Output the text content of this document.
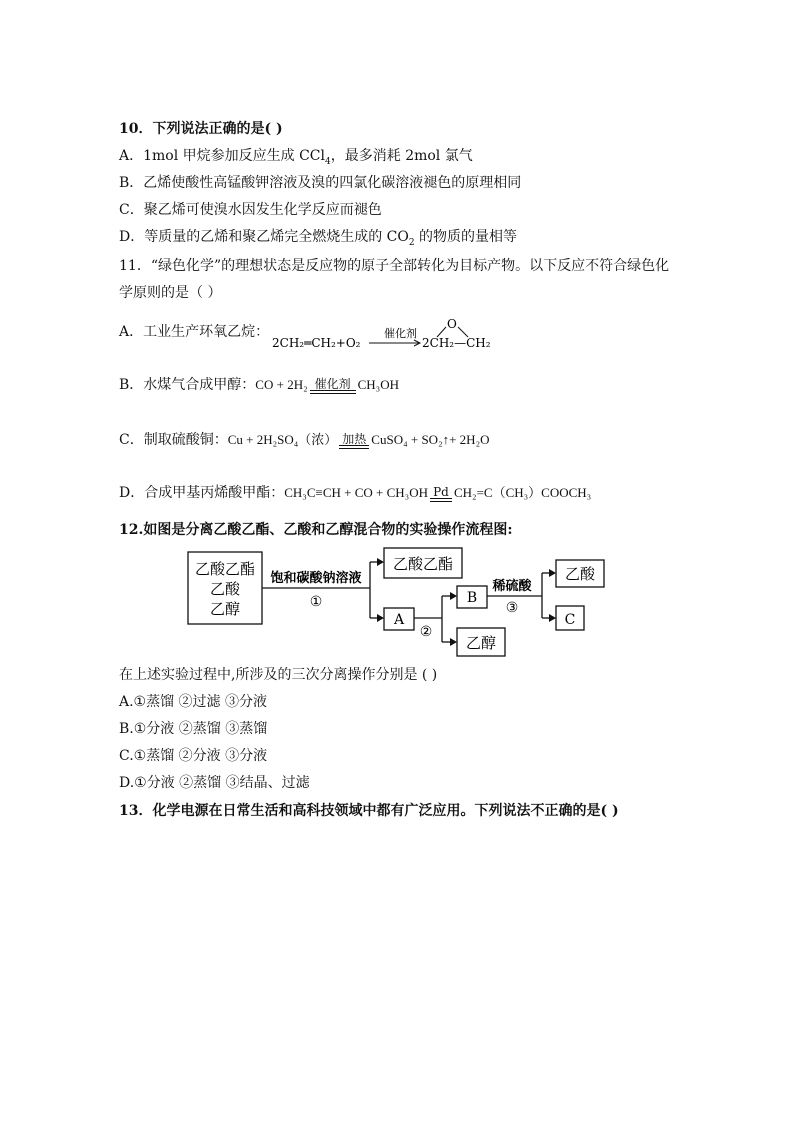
10．下列说法正确的是( )
A．1mol 甲烷参加反应生成 CCl$_4$，最多消耗 2mol 氯气
B．乙烯使酸性高锰酸钾溶液及溴的四氯化碳溶液褪色的原理相同
C．聚乙烯可使溴水因发生化学反应而褪色
D．等质量的乙烯和聚乙烯完全燃烧生成的 $CO_2$ 的物质的量相等
11．“绿色化学”的理想状态是反应物的原子全部转化为目标产物。以下反应不符合绿色化
学原则的是（ ）
A．工业生产环氧乙烷：
2CH₂═CH₂+O₂
催化剂
2CH₂—CH₂
O
B．水煤气合成甲醇：CO + 2H₂ 催化剂 CH₃OH
C．制取硫酸铜：Cu + 2H₂SO₄（浓） 加热 CuSO₄ + SO₂↑+ 2H₂O
D．合成甲基丙烯酸甲酯：CH₃C≡CH + CO + CH₃OH Pd CH₂=C（CH₃）COOCH₃
12.如图是分离乙酸乙酯、乙酸和乙醇混合物的实验操作流程图:
乙酸乙酯
乙酸
乙醇
饱和碳酸钠溶液
①
乙酸乙酯
A
②
B
乙醇
稀硫酸
③
乙酸
C
在上述实验过程中,所涉及的三次分离操作分别是 ( )
A.①蒸馏 ②过滤 ③分液
B.①分液 ②蒸馏 ③蒸馏
C.①蒸馏 ②分液 ③分液
D.①分液 ②蒸馏 ③结晶、过滤
13．化学电源在日常生活和高科技领域中都有广泛应用。下列说法不正确的是( )
